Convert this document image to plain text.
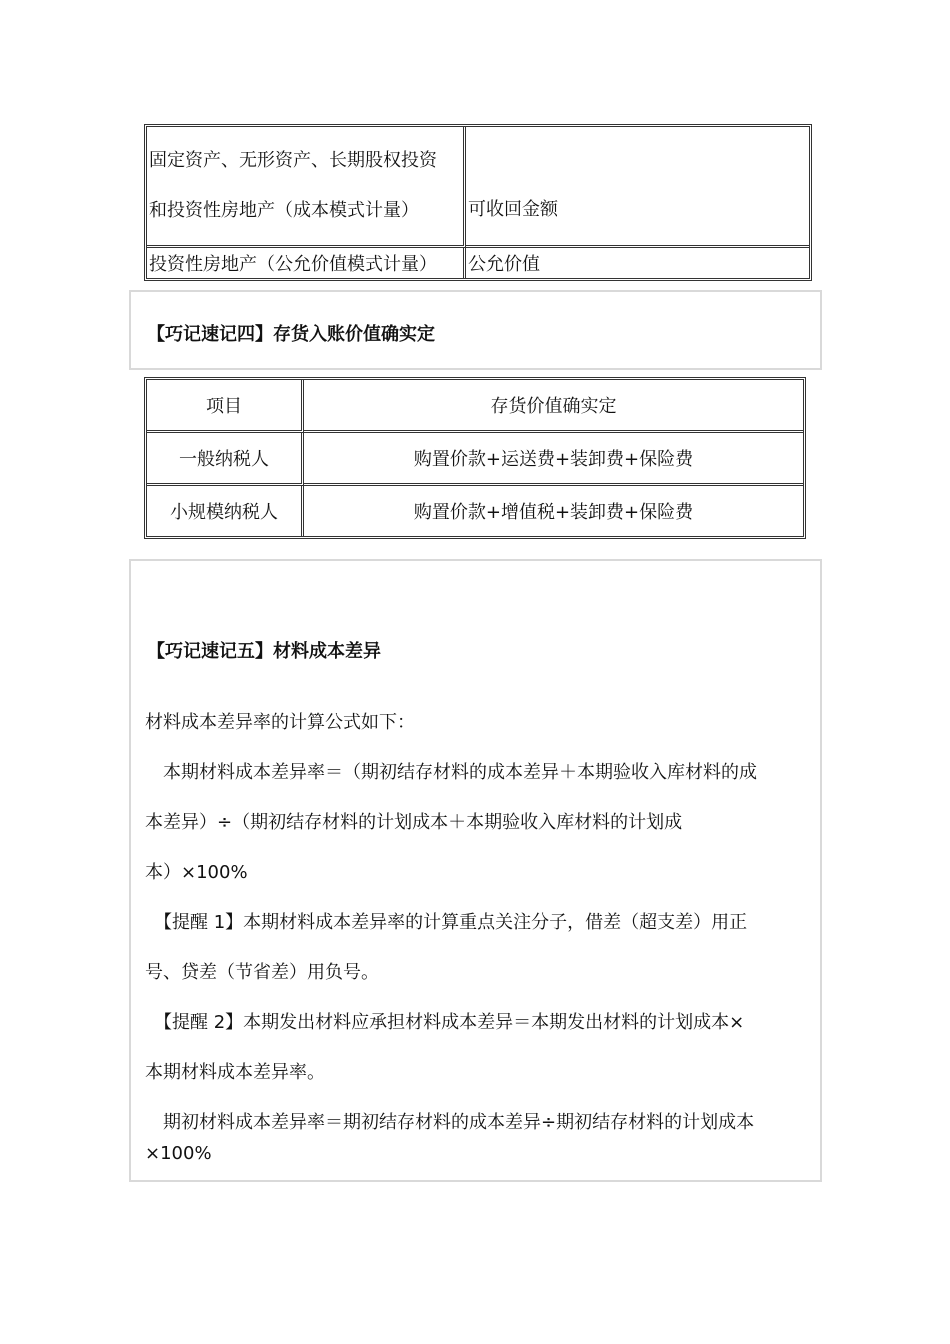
固定资产、无形资产、长期股权投资
和投资性房地产（成本模式计量）	可收回金额
投资性房地产（公允价值模式计量）	公允价值
【巧记速记四】存货入账价值确实定
项目	存货价值确实定
一般纳税人	购置价款+运送费+装卸费+保险费
小规模纳税人	购置价款+增值税+装卸费+保险费
【巧记速记五】材料成本差异
材料成本差异率的计算公式如下：
　本期材料成本差异率＝（期初结存材料的成本差异＋本期验收入库材料的成
本差异）÷（期初结存材料的计划成本＋本期验收入库材料的计划成
本）×100%
　【提醒 1】本期材料成本差异率的计算重点关注分子，借差（超支差）用正
号、贷差（节省差）用负号。
　【提醒 2】本期发出材料应承担材料成本差异＝本期发出材料的计划成本×
本期材料成本差异率。
　期初材料成本差异率＝期初结存材料的成本差异÷期初结存材料的计划成本
×100%
